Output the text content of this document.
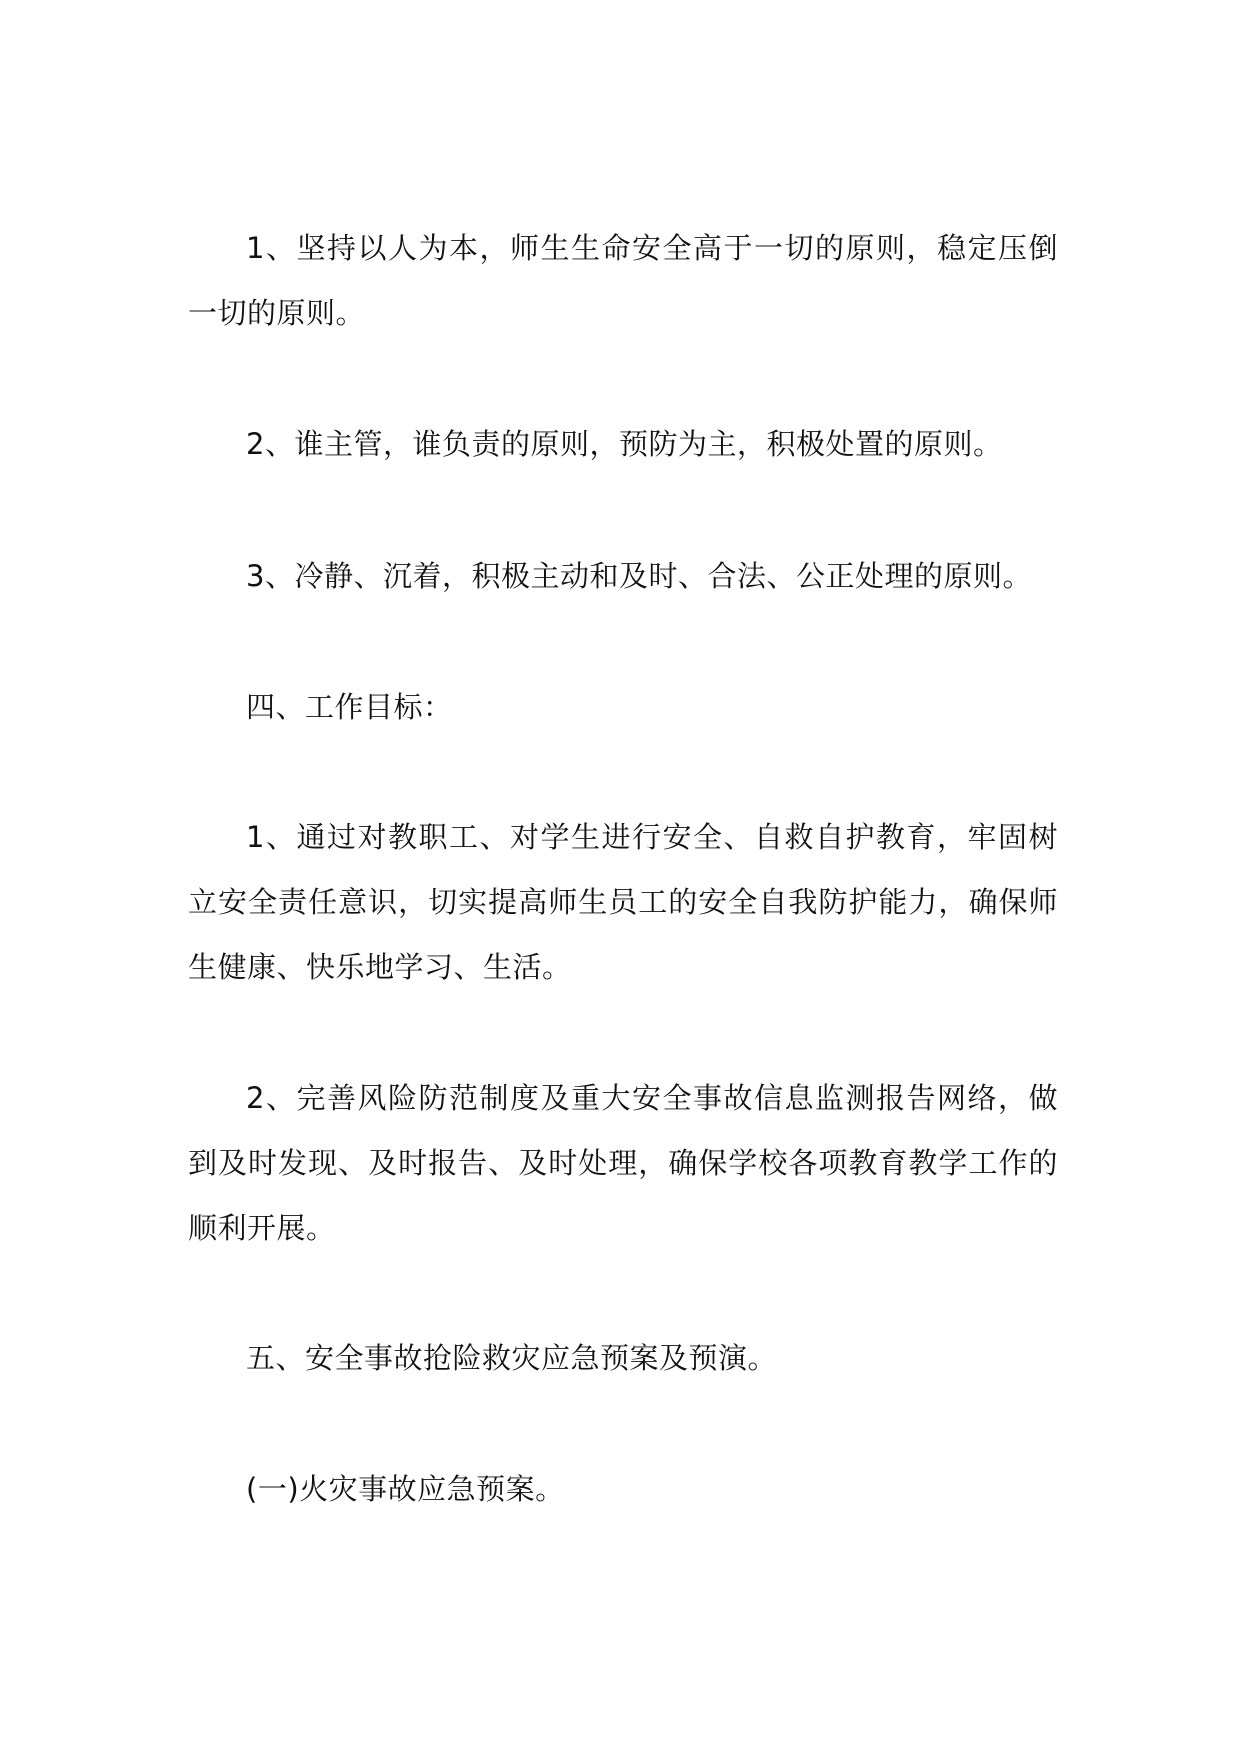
1、坚持以人为本，师生生命安全高于一切的原则，稳定压倒一切的原则。

2、谁主管，谁负责的原则，预防为主，积极处置的原则。

3、冷静、沉着，积极主动和及时、合法、公正处理的原则。

四、工作目标：

1、通过对教职工、对学生进行安全、自救自护教育，牢固树立安全责任意识，切实提高师生员工的安全自我防护能力，确保师生健康、快乐地学习、生活。

2、完善风险防范制度及重大安全事故信息监测报告网络，做到及时发现、及时报告、及时处理，确保学校各项教育教学工作的顺利开展。

五、安全事故抢险救灾应急预案及预演。

(一)火灾事故应急预案。
